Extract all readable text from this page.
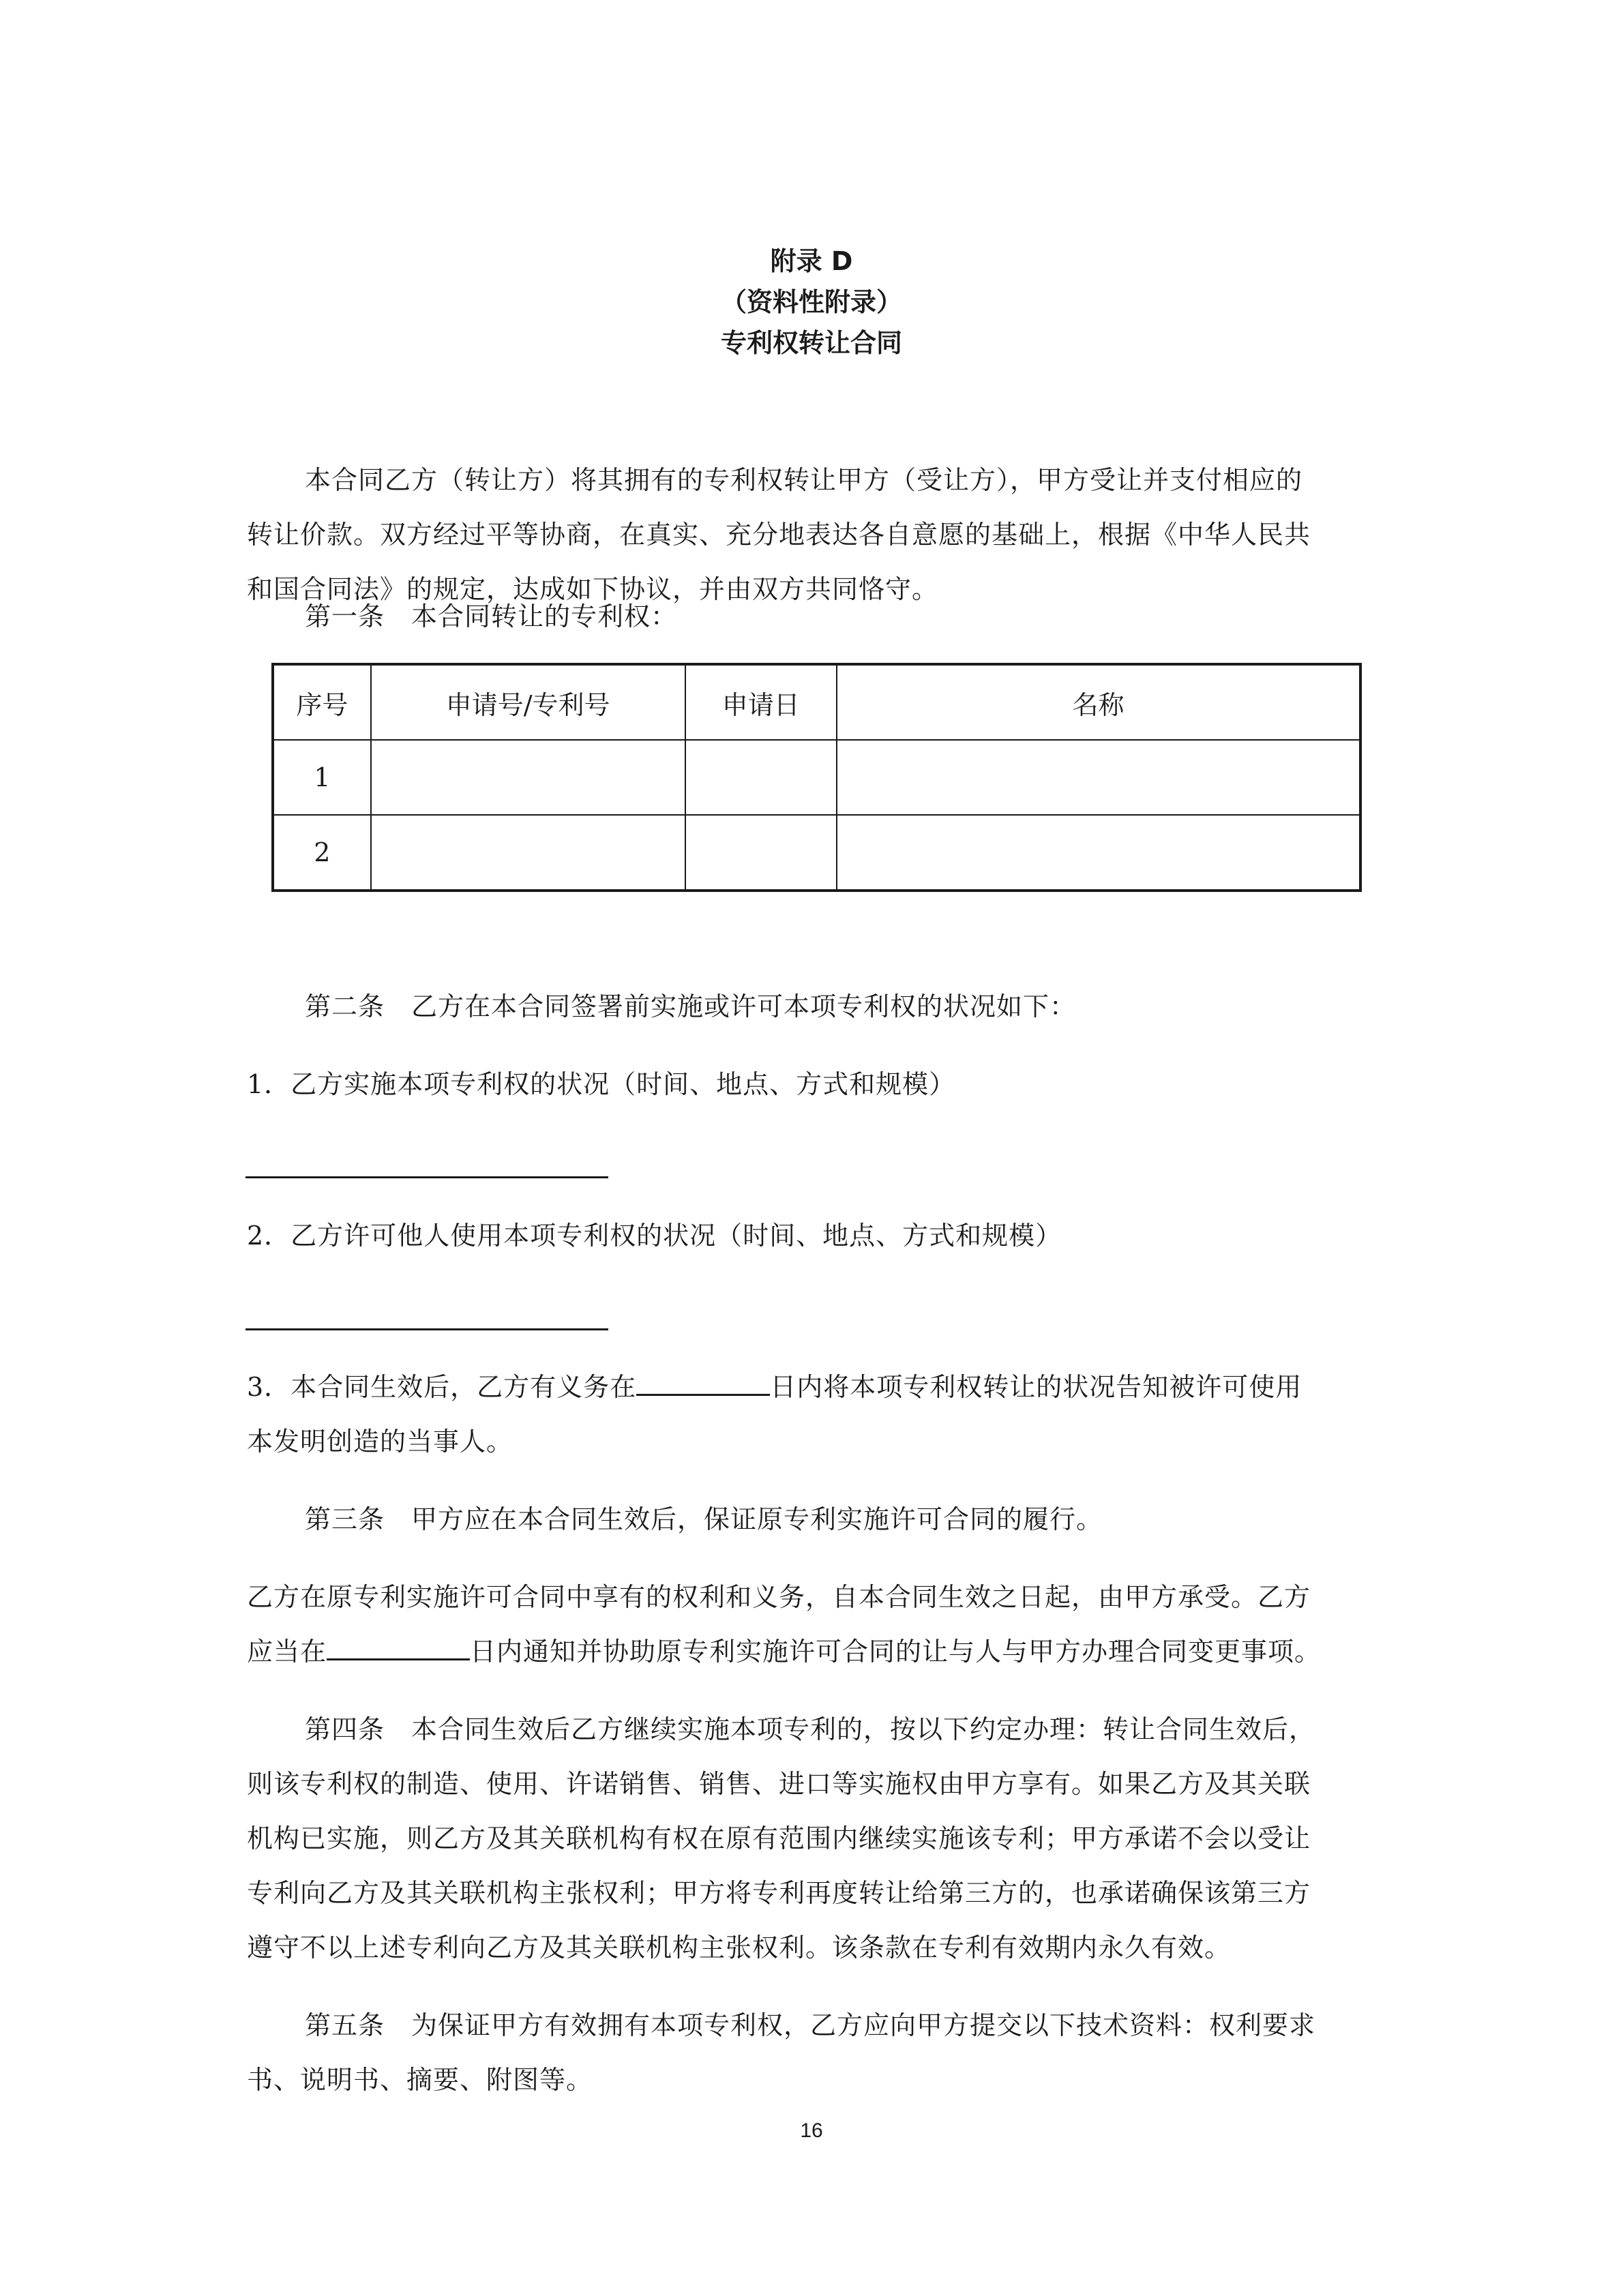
附录 D
（资料性附录）
专利权转让合同
本合同乙方（转让方）将其拥有的专利权转让甲方（受让方），甲方受让并支付相应的
转让价款。双方经过平等协商，在真实、充分地表达各自意愿的基础上，根据《中华人民共
和国合同法》的规定，达成如下协议，并由双方共同恪守。
第一条　本合同转让的专利权：
序号	申请号/专利号	申请日	名称
1			
2			
第二条　乙方在本合同签署前实施或许可本项专利权的状况如下：
1．乙方实施本项专利权的状况（时间、地点、方式和规模）
2．乙方许可他人使用本项专利权的状况（时间、地点、方式和规模）
3．本合同生效后，乙方有义务在	日内将本项专利权转让的状况告知被许可使用
本发明创造的当事人。
第三条　甲方应在本合同生效后，保证原专利实施许可合同的履行。
乙方在原专利实施许可合同中享有的权利和义务，自本合同生效之日起，由甲方承受。乙方
应当在	日内通知并协助原专利实施许可合同的让与人与甲方办理合同变更事项。
第四条　本合同生效后乙方继续实施本项专利的，按以下约定办理：转让合同生效后，
则该专利权的制造、使用、许诺销售、销售、进口等实施权由甲方享有。如果乙方及其关联
机构已实施，则乙方及其关联机构有权在原有范围内继续实施该专利；甲方承诺不会以受让
专利向乙方及其关联机构主张权利；甲方将专利再度转让给第三方的，也承诺确保该第三方
遵守不以上述专利向乙方及其关联机构主张权利。该条款在专利有效期内永久有效。
第五条　为保证甲方有效拥有本项专利权，乙方应向甲方提交以下技术资料：权利要求
书、说明书、摘要、附图等。
16
